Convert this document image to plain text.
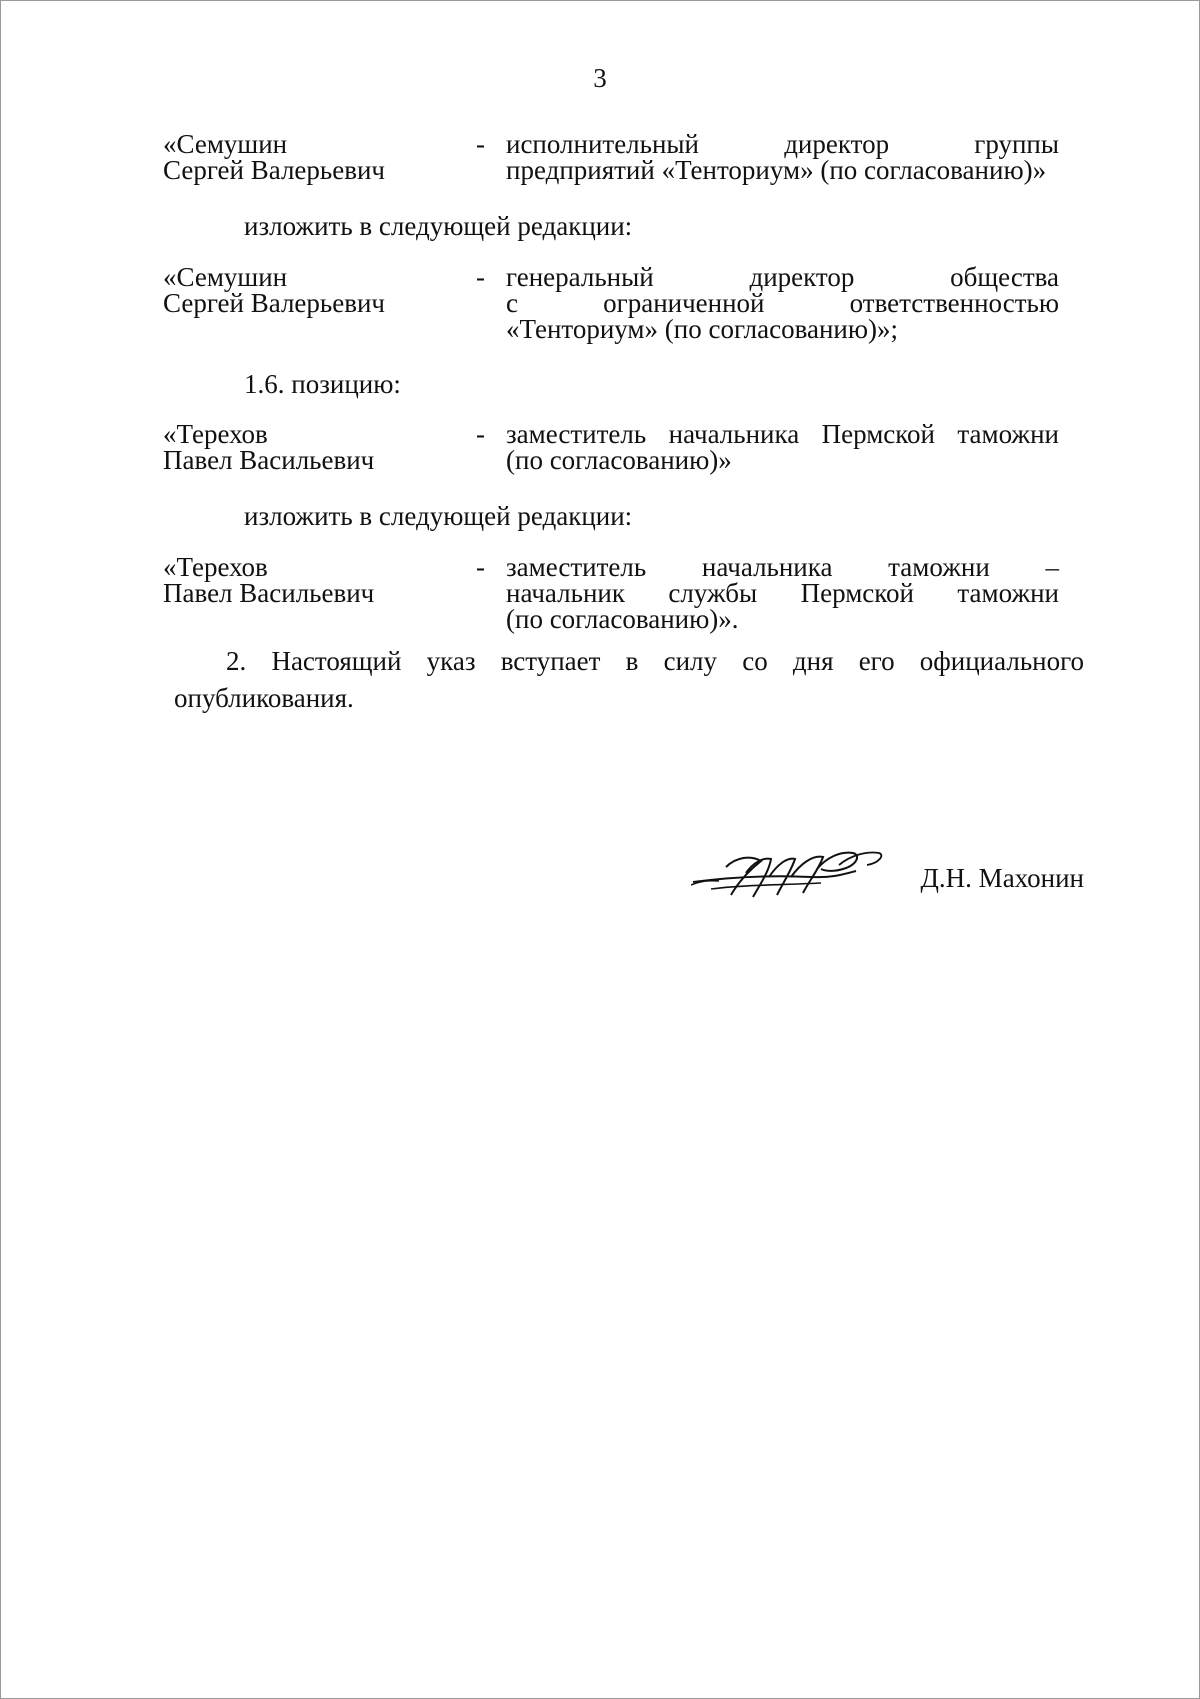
3
«Семушин
Сергей Валерьевич
- исполнительный директор группы
предприятий «Тенториум» (по согласованию)»
изложить в следующей редакции:
«Семушин
Сергей Валерьевич
- генеральный директор общества
с ограниченной ответственностью
«Тенториум» (по согласованию)»;
1.6. позицию:
«Терехов
Павел Васильевич
- заместитель начальника Пермской таможни
(по согласованию)»
изложить в следующей редакции:
«Терехов
Павел Васильевич
- заместитель начальника таможни –
начальник службы Пермской таможни
(по согласованию)».
2. Настоящий указ вступает в силу со дня его официального
опубликования.
Д.Н. Махонин
